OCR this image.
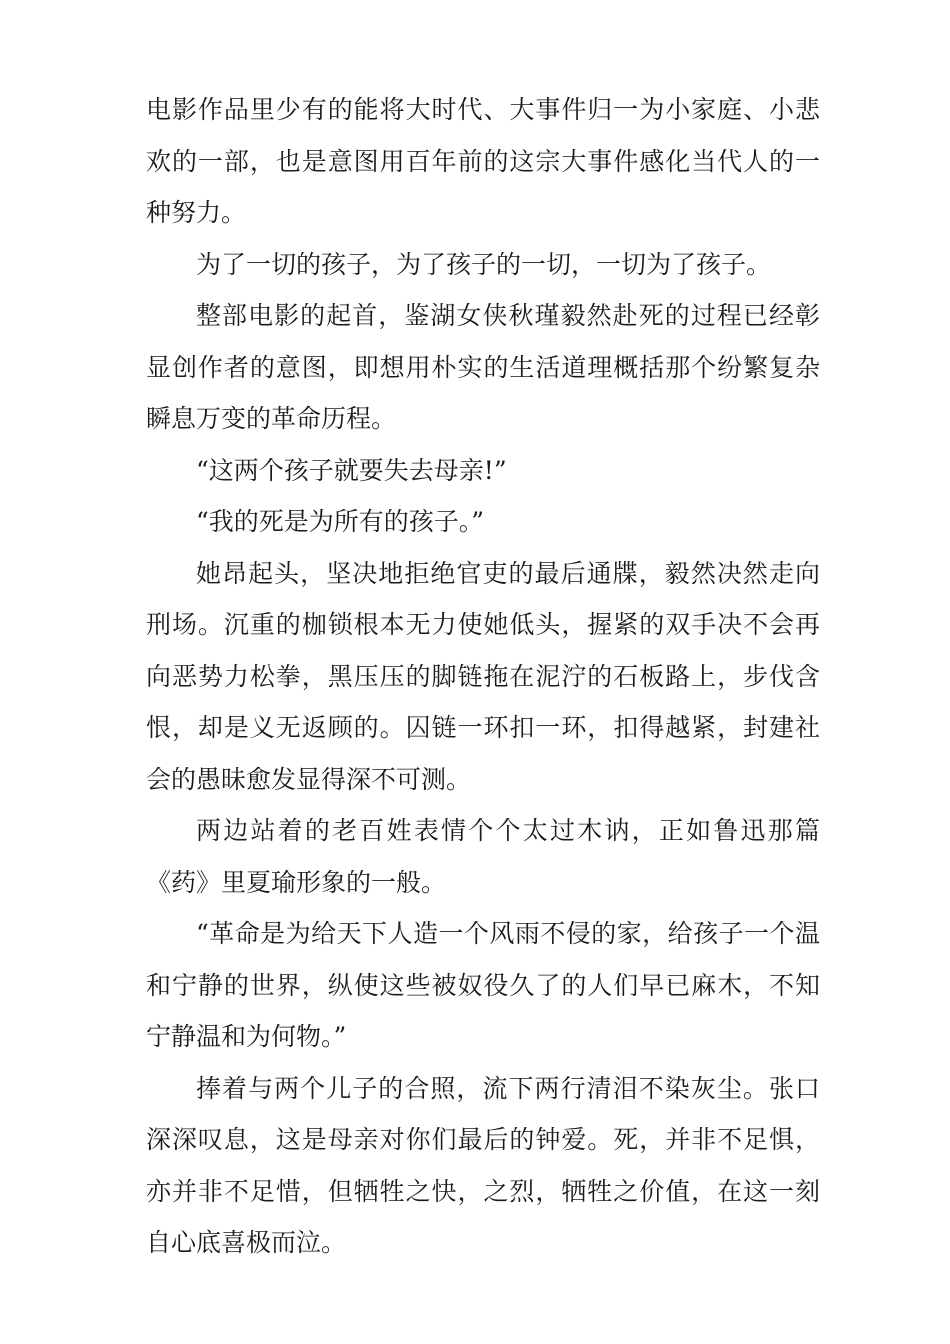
电影作品里少有的能将大时代、大事件归一为小家庭、小悲欢的一部，也是意图用百年前的这宗大事件感化当代人的一种努力。

为了一切的孩子，为了孩子的一切，一切为了孩子。

整部电影的起首，鉴湖女侠秋瑾毅然赴死的过程已经彰显创作者的意图，即想用朴实的生活道理概括那个纷繁复杂瞬息万变的革命历程。

“这两个孩子就要失去母亲!”

“我的死是为所有的孩子。”

她昂起头，坚决地拒绝官吏的最后通牒，毅然决然走向刑场。沉重的枷锁根本无力使她低头，握紧的双手决不会再向恶势力松拳，黑压压的脚链拖在泥泞的石板路上，步伐含恨，却是义无返顾的。囚链一环扣一环，扣得越紧，封建社会的愚昧愈发显得深不可测。

两边站着的老百姓表情个个太过木讷，正如鲁迅那篇《药》里夏瑜形象的一般。

“革命是为给天下人造一个风雨不侵的家，给孩子一个温和宁静的世界，纵使这些被奴役久了的人们早已麻木，不知宁静温和为何物。”

捧着与两个儿子的合照，流下两行清泪不染灰尘。张口深深叹息，这是母亲对你们最后的钟爱。死，并非不足惧，亦并非不足惜，但牺牲之快，之烈，牺牲之价值，在这一刻自心底喜极而泣。
